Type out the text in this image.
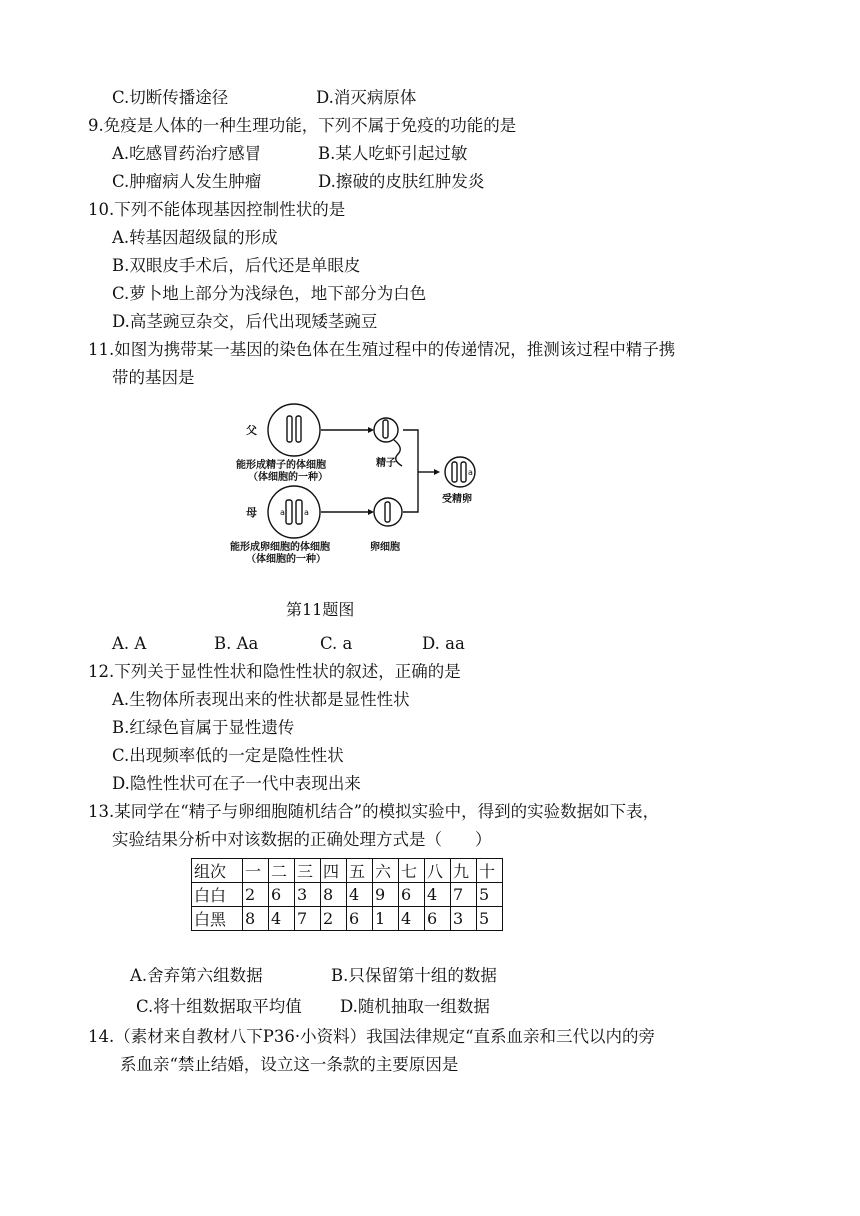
C.切断传播途径	D.消灭病原体
9.免疫是人体的一种生理功能，下列不属于免疫的功能的是
A.吃感冒药治疗感冒	B.某人吃虾引起过敏
C.肿瘤病人发生肿瘤	D.擦破的皮肤红肿发炎
10.下列不能体现基因控制性状的是
A.转基因超级鼠的形成
B.双眼皮手术后，后代还是单眼皮
C.萝卜地上部分为浅绿色，地下部分为白色
D.高茎豌豆杂交，后代出现矮茎豌豆
11.如图为携带某一基因的染色体在生殖过程中的传递情况，推测该过程中精子携
带的基因是
父
母
能形成精子的体细胞
（体细胞的一种）
能形成卵细胞的体细胞
（体细胞的一种）
精子
卵细胞
受精卵
a a
a
第11题图
A. A	B. Aa	C. a	D. aa
12.下列关于显性性状和隐性性状的叙述，正确的是
A.生物体所表现出来的性状都是显性性状
B.红绿色盲属于显性遗传
C.出现频率低的一定是隐性性状
D.隐性性状可在子一代中表现出来
13.某同学在“精子与卵细胞随机结合”的模拟实验中，得到的实验数据如下表，
实验结果分析中对该数据的正确处理方式是（　　）
组次	一	二	三	四	五	六	七	八	九	十
白白	2	6	3	8	4	9	6	4	7	5
白黑	8	4	7	2	6	1	4	6	3	5
A.舍弃第六组数据	B.只保留第十组的数据
C.将十组数据取平均值 D.随机抽取一组数据
14.（素材来自教材八下P36·小资料）我国法律规定“直系血亲和三代以内的旁
系血亲“禁止结婚，设立这一条款的主要原因是
